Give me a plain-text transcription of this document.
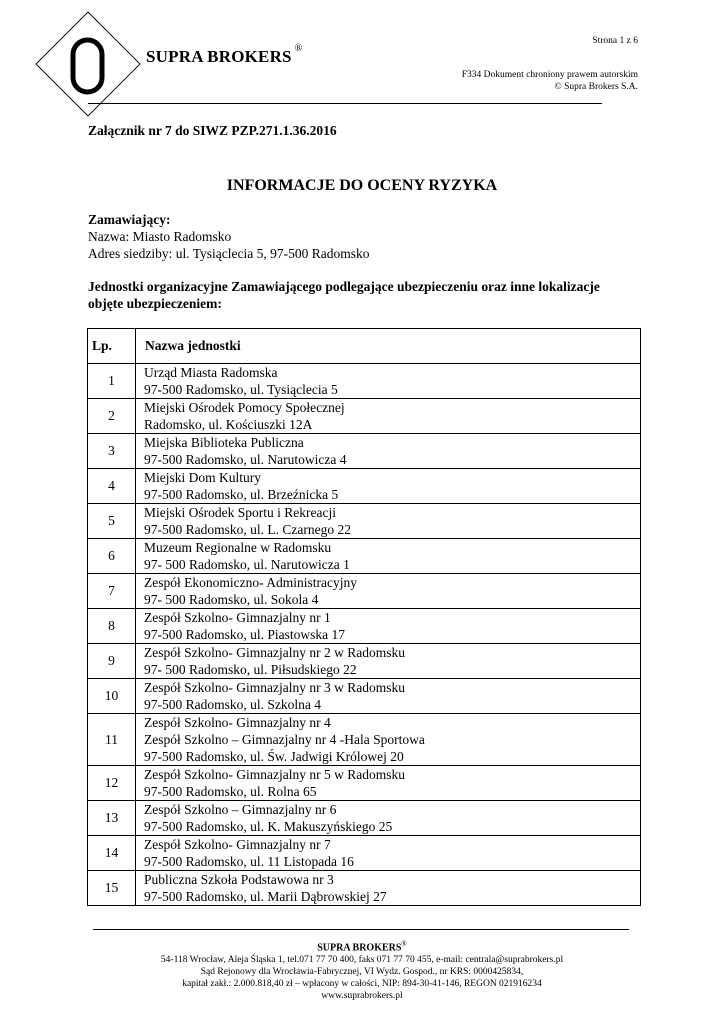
SUPRA BROKERS ®
Strona 1 z 6
F334 Dokument chroniony prawem autorskim
© Supra Brokers S.A.
Załącznik nr 7 do SIWZ PZP.271.1.36.2016
INFORMACJE DO OCENY RYZYKA
Zamawiający:
Nazwa: Miasto Radomsko
Adres siedziby: ul. Tysiąclecia 5, 97-500 Radomsko
Jednostki organizacyjne Zamawiającego podlegające ubezpieczeniu oraz inne lokalizacje objęte ubezpieczeniem:
Lp.	Nazwa jednostki
1	Urząd Miasta Radomska
97-500 Radomsko, ul. Tysiąclecia 5

2	Miejski Ośrodek Pomocy Społecznej
Radomsko, ul. Kościuszki 12A

3	Miejska Biblioteka Publiczna
97-500 Radomsko, ul. Narutowicza 4

4	Miejski Dom Kultury
97-500 Radomsko, ul. Brzeźnicka 5

5	Miejski Ośrodek Sportu i Rekreacji
97-500 Radomsko, ul. L. Czarnego 22

6	Muzeum Regionalne w Radomsku
97- 500 Radomsko, ul. Narutowicza 1

7	Zespół Ekonomiczno- Administracyjny
97- 500 Radomsko, ul. Sokola 4

8	Zespół Szkolno- Gimnazjalny nr 1
97-500 Radomsko, ul. Piastowska 17

9	Zespół Szkolno- Gimnazjalny nr 2 w Radomsku
97- 500 Radomsko, ul. Piłsudskiego 22

10	Zespół Szkolno- Gimnazjalny nr 3 w Radomsku
97-500 Radomsko, ul. Szkolna 4

11	Zespół Szkolno- Gimnazjalny nr 4
Zespół Szkolno – Gimnazjalny nr 4 -Hala Sportowa
97-500 Radomsko, ul. Św. Jadwigi Królowej 20

12	Zespół Szkolno- Gimnazjalny nr 5 w Radomsku
97-500 Radomsko, ul. Rolna 65

13	Zespół Szkolno – Gimnazjalny nr 6
97-500 Radomsko, ul. K. Makuszyńskiego 25

14	Zespół Szkolno- Gimnazjalny nr 7
97-500 Radomsko, ul. 11 Listopada 16

15	Publiczna Szkoła Podstawowa nr 3
97-500 Radomsko, ul. Marii Dąbrowskiej 27
SUPRA BROKERS®
54-118 Wrocław, Aleja Śląska 1, tel.071 77 70 400, faks 071 77 70 455, e-mail: centrala@suprabrokers.pl
Sąd Rejonowy dla Wrocławia-Fabrycznej, VI Wydz. Gospod., nr KRS: 0000425834,
kapitał zakł.: 2.000.818,40 zł – wpłacony w całości, NIP: 894-30-41-146, REGON 021916234
www.suprabrokers.pl
